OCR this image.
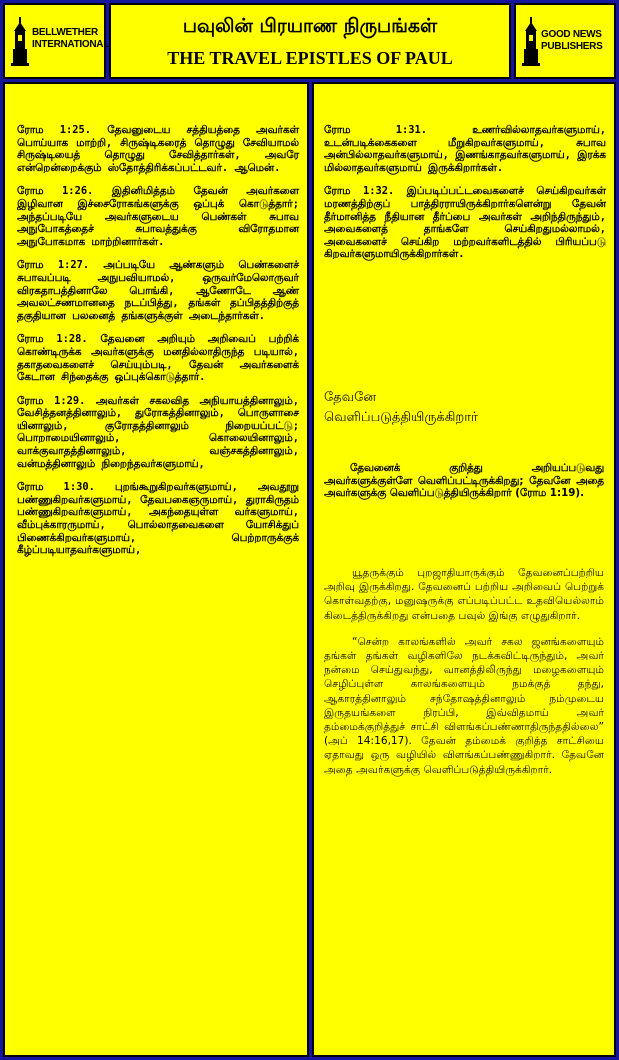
BELLWETHER
INTERNATIONAL
பவுலின் பிரயாண நிருபங்கள்
THE TRAVEL EPISTLES OF PAUL
GOOD NEWS
PUBLISHERS

ரோம 1:25. தேவனுடைய சத்தியத்தை அவர்கள் பொய்யாக மாற்றி, சிருஷ்டிகரைத் தொழுது சேவியாமல் சிருஷ்டியைத் தொழுது சேவித்தார்கள், அவரே என்றென்றைக்கும் ஸ்தோத்திரிக்கப்பட்டவர். ஆமென்.

ரோம 1:26. இதினிமித்தம் தேவன் அவர்களை இழிவான இச்சைரோகங்களுக்கு ஒப்புக் கொடுத்தார்; அந்தப்படியே அவர்களுடைய பெண்கள் சுபாவ அநுபோகத்தைச் சுபாவத்துக்கு விரோதமான அநுபோகமாக மாற்றினார்கள்.

ரோம 1:27. அப்படியே ஆண்களும் பெண்களைச் சுபாவப்படி அநுபவியாமல், ஒருவர்மேலொருவர் விரகதாபத்தினாலே பொங்கி, ஆணோடே ஆண் அவலட்சணமானதை நடப்பித்து, தங்கள் தப்பிதத்திற்குத் தகுதியான பலனைத் தங்களுக்குள் அடைந்தார்கள்.

ரோம 1:28. தேவனை அறியும் அறிவைப் பற்றிக் கொண்டிருக்க அவர்களுக்கு மனதில்லாதிருந்த படியால், தகாதவைகளைச் செய்யும்படி, தேவன் அவர்களைக் கேடான சிந்தைக்கு ஒப்புக்கொடுத்தார்.

ரோம 1:29. அவர்கள் சகலவித அநியாயத்தினாலும், வேசித்தனத்தினாலும், துரோகத்தினாலும், பொருளாசை யினாலும், குரோதத்தினாலும் நிறையப்பட்டு; பொறாமையினாலும், கொலையினாலும், வாக்குவாதத்தினாலும், வஞ்சகத்தினாலும், வன்மத்தினாலும் நிறைந்தவர்களுமாய்,

ரோம 1:30. புறங்கூறுகிறவர்களுமாய், அவதூறு பண்ணுகிறவர்களுமாய், தேவபகைஞருமாய், துராகிருதம் பண்ணுகிறவர்களுமாய், அகந்தையுள்ள வர்களுமாய், வீம்புக்காரருமாய், பொல்லாதவைகளை யோசிக்துப் பிணைக்கிறவர்களுமாய், பெற்றாருக்குக் கீழ்ப்படியாதவர்களுமாய்,

ரோம 1:31. உணர்வில்லாதவர்களுமாய், உடன்படிக்கைகளை மீறுகிறவர்களுமாய், சுபாவ அன்பில்லாதவர்களுமாய், இணங்காதவர்களுமாய், இரக்க மில்லாதவர்களுமாய் இருக்கிறார்கள்.

ரோம 1:32. இப்படிப்பட்டவைகளைச் செய்கிறவர்கள் மரணத்திற்குப் பாத்திரராயிருக்கிறார்களென்று தேவன் தீர்மானித்த நீதியான தீர்ப்பை அவர்கள் அறிந்திருந்தும், அவைகளைத் தாங்களே செய்கிறதுமல்லாமல், அவைகளைச் செய்கிற மற்றவர்களிடத்தில் பிரியப்படு கிறவர்களுமாயிருக்கிறார்கள்.

தேவனே
வெளிப்படுத்தியிருக்கிறார்
தேவனைக் குறித்து அறியப்படுவது அவர்களுக்குள்ளே வெளிப்பட்டிருக்கிறது; தேவனே அதை அவர்களுக்கு வெளிப்படுத்தியிருக்கிறார் (ரோம 1:19).

யூதருக்கும் புறஜாதியாருக்கும் தேவனைப்பற்றிய அறிவு இருக்கிறது. தேவனைப் பற்றிய அறிவைப் பெற்றுக் கொள்வதற்கு, மனுஷருக்கு எப்படிப்பட்ட உதவியெல்லாம் கிடைத்திருக்கிறது என்பதை பவுல் இங்கு எழுதுகிறார்.

“சென்ற காலங்களில் அவர் சகல ஜனங்களையும் தங்கள் தங்கள் வழிகளிலே நடக்கவிட்டிருந்தும், அவர் நன்மை செய்துவந்து, வானத்திலிருந்து மழைகளையும் செழிப்புள்ள காலங்களையும் நமக்குத் தந்து, ஆகாரத்தினாலும் சந்தோஷத்தினாலும் நம்முடைய இருதயங்களை நிரப்பி, இவ்விதமாய் அவர் தம்மைக்குறித்துச் சாட்சி விளங்கப்பண்ணாதிருந்ததில்லை” (அப் 14:16,17). தேவன் தம்மைக் குறித்த சாட்சியை ஏதாவது ஒரு வழியில் விளங்கப்பண்ணுகிறார். தேவனே அதை அவர்களுக்கு வெளிப்படுத்தியிருக்கிறார்.
